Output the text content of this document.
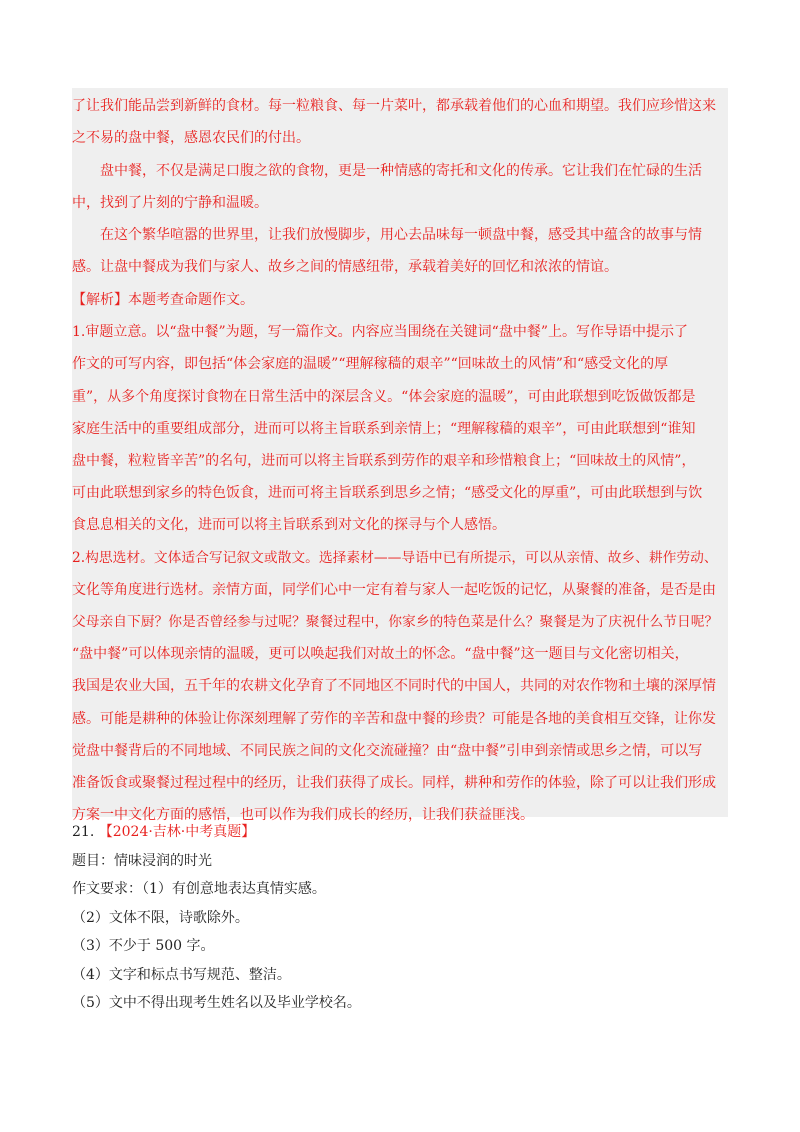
了让我们能品尝到新鲜的食材。每一粒粮食、每一片菜叶，都承载着他们的心血和期望。我们应珍惜这来
之不易的盘中餐，感恩农民们的付出。
盘中餐，不仅是满足口腹之欲的食物，更是一种情感的寄托和文化的传承。它让我们在忙碌的生活
中，找到了片刻的宁静和温暖。
在这个繁华喧嚣的世界里，让我们放慢脚步，用心去品味每一顿盘中餐，感受其中蕴含的故事与情
感。让盘中餐成为我们与家人、故乡之间的情感纽带，承载着美好的回忆和浓浓的情谊。
【解析】本题考查命题作文。
1.审题立意。以“盘中餐”为题，写一篇作文。内容应当围绕在关键词“盘中餐”上。写作导语中提示了
作文的可写内容，即包括“体会家庭的温暖”“理解稼穑的艰辛”“回味故土的风情”和“感受文化的厚
重”，从多个角度探讨食物在日常生活中的深层含义。“体会家庭的温暖”，可由此联想到吃饭做饭都是
家庭生活中的重要组成部分，进而可以将主旨联系到亲情上；“理解稼穑的艰辛”，可由此联想到“谁知
盘中餐，粒粒皆辛苦”的名句，进而可以将主旨联系到劳作的艰辛和珍惜粮食上；“回味故土的风情”，
可由此联想到家乡的特色饭食，进而可将主旨联系到思乡之情；“感受文化的厚重”，可由此联想到与饮
食息息相关的文化，进而可以将主旨联系到对文化的探寻与个人感悟。
2.构思选材。文体适合写记叙文或散文。选择素材——导语中已有所提示，可以从亲情、故乡、耕作劳动、
文化等角度进行选材。亲情方面，同学们心中一定有着与家人一起吃饭的记忆，从聚餐的准备，是否是由
父母亲自下厨？你是否曾经参与过呢？聚餐过程中，你家乡的特色菜是什么？聚餐是为了庆祝什么节日呢？
“盘中餐”可以体现亲情的温暖，更可以唤起我们对故土的怀念。“盘中餐”这一题目与文化密切相关，
我国是农业大国，五千年的农耕文化孕育了不同地区不同时代的中国人，共同的对农作物和土壤的深厚情
感。可能是耕种的体验让你深刻理解了劳作的辛苦和盘中餐的珍贵？可能是各地的美食相互交锋，让你发
觉盘中餐背后的不同地域、不同民族之间的文化交流碰撞？由“盘中餐”引申到亲情或思乡之情，可以写
准备饭食或聚餐过程过程中的经历，让我们获得了成长。同样，耕种和劳作的体验，除了可以让我们形成
方案一中文化方面的感悟，也可以作为我们成长的经历，让我们获益匪浅。
21. 【2024·吉林·中考真题】
题目：情味浸润的时光
作文要求：（1）有创意地表达真情实感。
（2）文体不限，诗歌除外。
（3）不少于 500 字。
（4）文字和标点书写规范、整洁。
（5）文中不得出现考生姓名以及毕业学校名。
